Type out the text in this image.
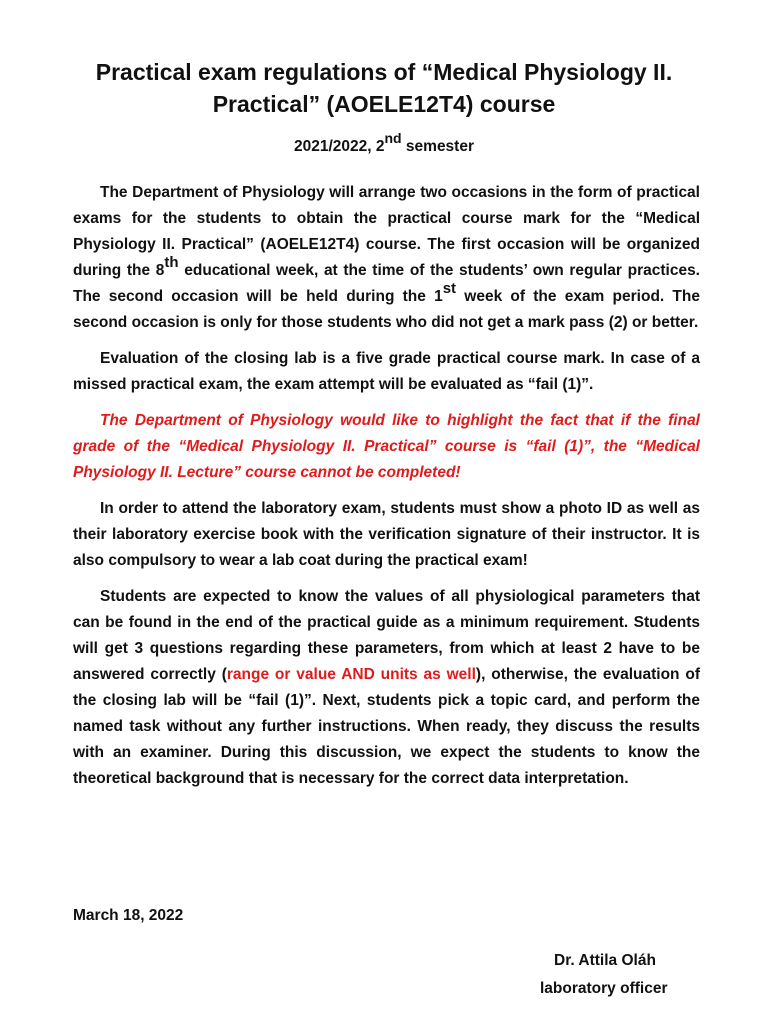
Practical exam regulations of “Medical Physiology II. Practical” (AOELE12T4) course
2021/2022, 2nd semester

The Department of Physiology will arrange two occasions in the form of practical exams for the students to obtain the practical course mark for the “Medical Physiology II. Practical” (AOELE12T4) course. The first occasion will be organized during the 8th educational week, at the time of the students’ own regular practices. The second occasion will be held during the 1st week of the exam period. The second occasion is only for those students who did not get a mark pass (2) or better.

Evaluation of the closing lab is a five grade practical course mark. In case of a missed practical exam, the exam attempt will be evaluated as “fail (1)”.

The Department of Physiology would like to highlight the fact that if the final grade of the “Medical Physiology II. Practical” course is “fail (1)”, the “Medical Physiology II. Lecture” course cannot be completed!

In order to attend the laboratory exam, students must show a photo ID as well as their laboratory exercise book with the verification signature of their instructor. It is also compulsory to wear a lab coat during the practical exam!

Students are expected to know the values of all physiological parameters that can be found in the end of the practical guide as a minimum requirement. Students will get 3 questions regarding these parameters, from which at least 2 have to be answered correctly (range or value AND units as well), otherwise, the evaluation of the closing lab will be “fail (1)”. Next, students pick a topic card, and perform the named task without any further instructions. When ready, they discuss the results with an examiner. During this discussion, we expect the students to know the theoretical background that is necessary for the correct data interpretation.

March 18, 2022
Dr. Attila Oláh
laboratory officer
